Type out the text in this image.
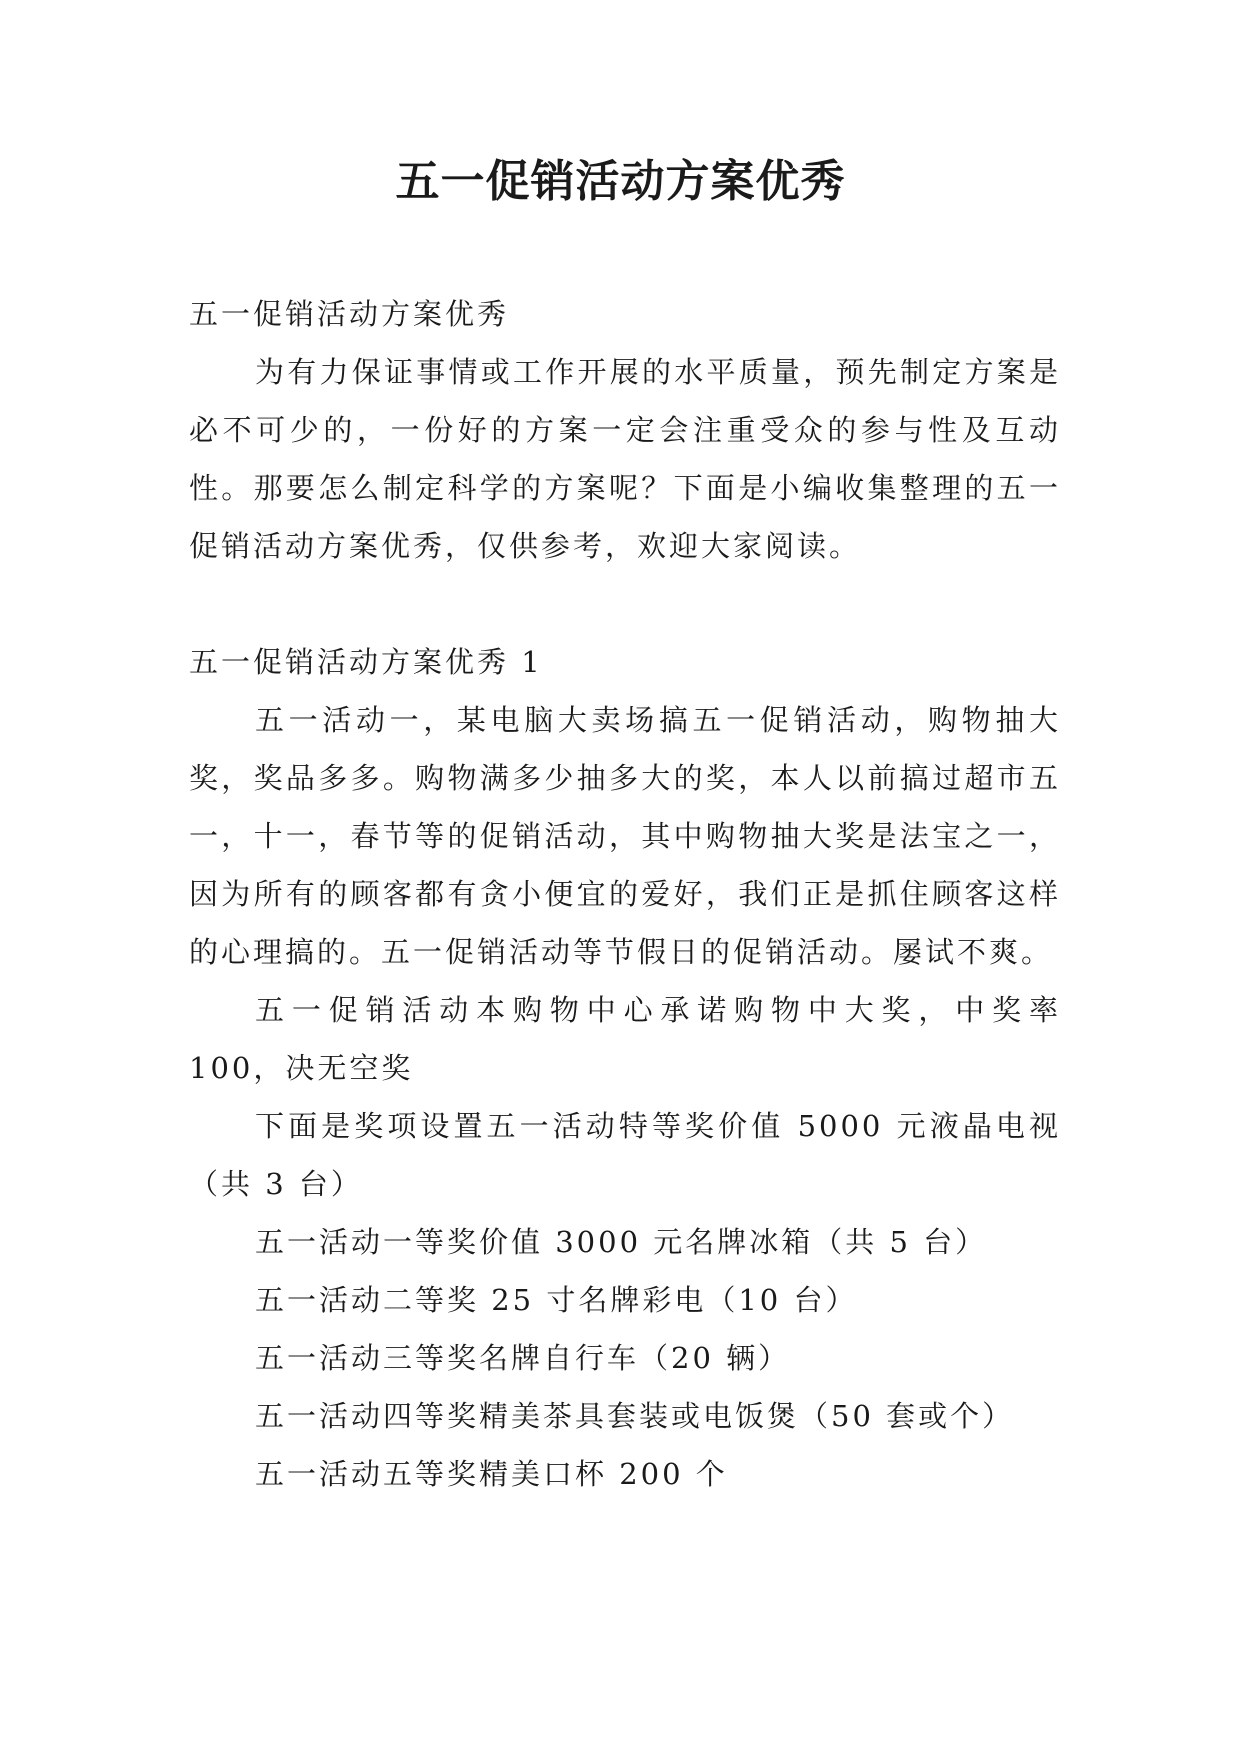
五一促销活动方案优秀

五一促销活动方案优秀

为有力保证事情或工作开展的水平质量，预先制定方案是必不可少的，一份好的方案一定会注重受众的参与性及互动性。那要怎么制定科学的方案呢？下面是小编收集整理的五一促销活动方案优秀，仅供参考，欢迎大家阅读。

五一促销活动方案优秀 1

五一活动一，某电脑大卖场搞五一促销活动，购物抽大奖，奖品多多。购物满多少抽多大的奖，本人以前搞过超市五一，十一，春节等的促销活动，其中购物抽大奖是法宝之一，因为所有的顾客都有贪小便宜的爱好，我们正是抓住顾客这样的心理搞的。五一促销活动等节假日的促销活动。屡试不爽。

五一促销活动本购物中心承诺购物中大奖，中奖率 100，决无空奖

下面是奖项设置五一活动特等奖价值 5000 元液晶电视（共 3 台）

五一活动一等奖价值 3000 元名牌冰箱（共 5 台）

五一活动二等奖 25 寸名牌彩电（10 台）

五一活动三等奖名牌自行车（20 辆）

五一活动四等奖精美茶具套装或电饭煲（50 套或个）

五一活动五等奖精美口杯 200 个
